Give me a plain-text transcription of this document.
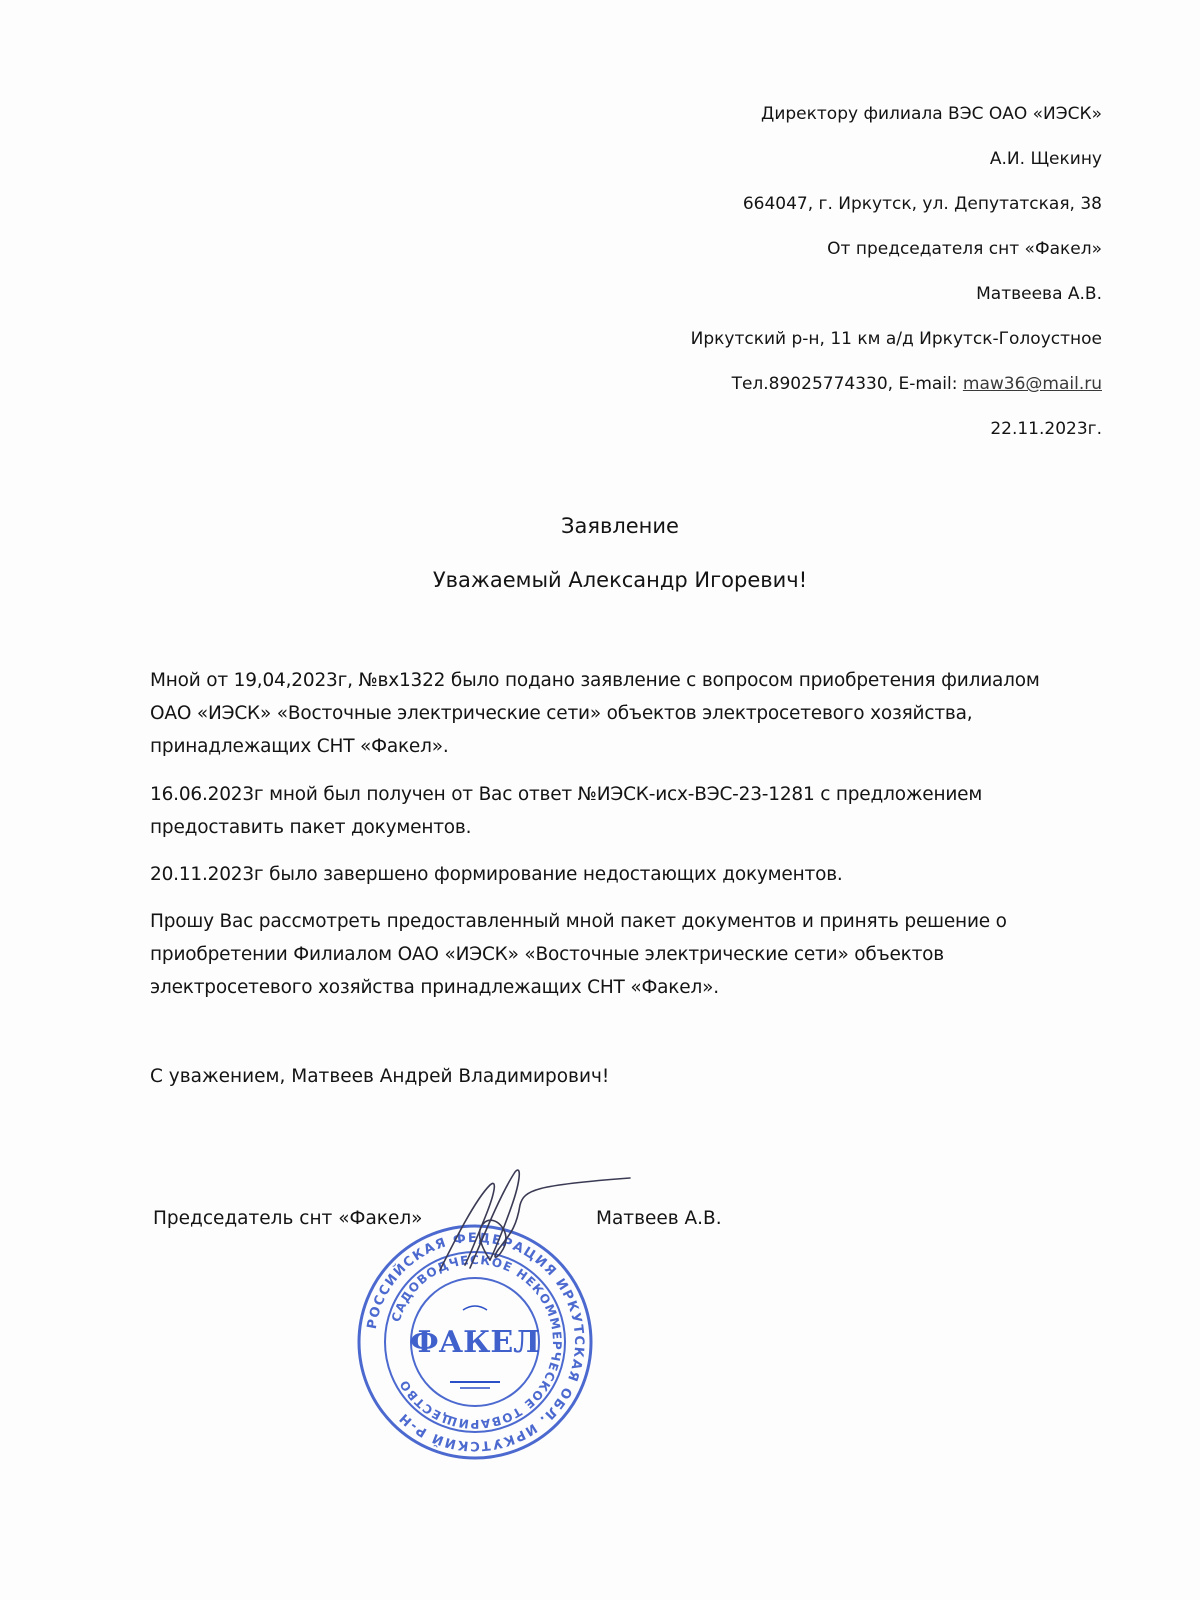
Директору филиала ВЭС ОАО «ИЭСК»
А.И. Щекину
664047, г. Иркутск, ул. Депутатская, 38
От председателя снт «Факел»
Матвеева А.В.
Иркутский р-н, 11 км а/д Иркутск-Голоустное
Тел.89025774330, E-mail: maw36@mail.ru
22.11.2023г.
Заявление
Уважаемый Александр Игоревич!
Мной от 19,04,2023г, №вх1322 было подано заявление с вопросом приобретения филиалом ОАО «ИЭСК» «Восточные электрические сети» объектов электросетевого хозяйства, принадлежащих СНТ «Факел».
16.06.2023г мной был получен от Вас ответ №ИЭСК-исх-ВЭС-23-1281 с предложением предоставить пакет документов.
20.11.2023г было завершено формирование недостающих документов.
Прошу Вас рассмотреть предоставленный мной пакет документов и принять решение о приобретении Филиалом ОАО «ИЭСК» «Восточные электрические сети» объектов электросетевого хозяйства принадлежащих СНТ «Факел».
С уважением, Матвеев Андрей Владимирович!
Председатель снт «Факел»	Матвеев А.В.
РОССИЙСКАЯ ФЕДЕРАЦИЯ ИРКУТСКАЯ ОБЛ. ИРКУТСКИЙ Р-Н
САДОВОДЧЕСКОЕ НЕКОММЕРЧЕСКОЕ ТОВАРИЩЕСТВО
ФАКЕЛ
